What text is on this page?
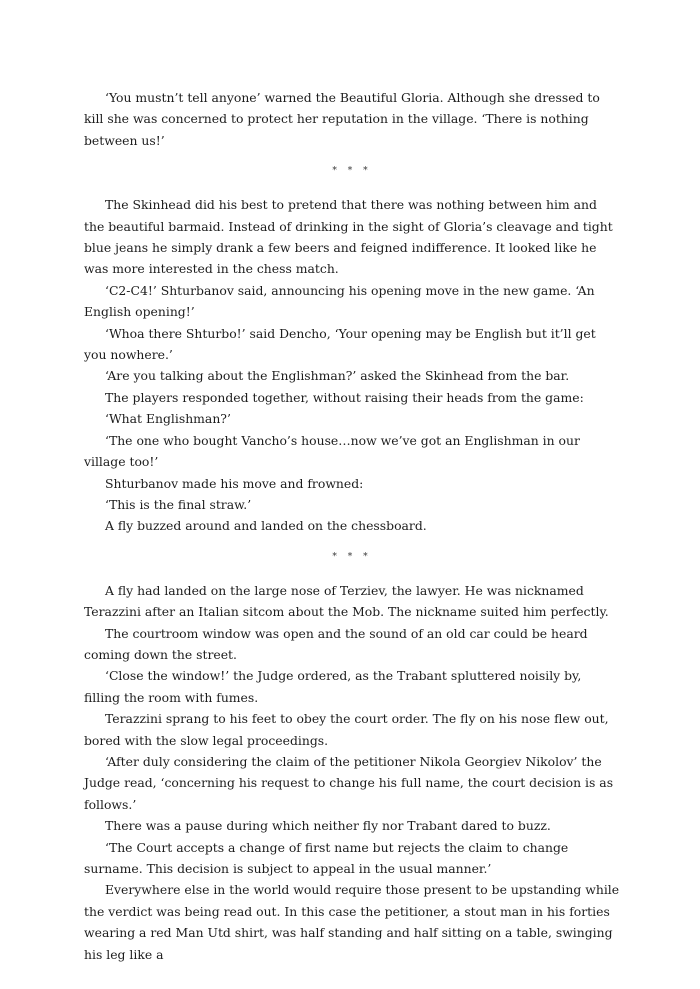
‘You mustn’t tell anyone’ warned the Beautiful Gloria. Although she dressed to kill she was concerned to protect her reputation in the village. ‘There is nothing between us!’

* * *

The Skinhead did his best to pretend that there was nothing between him and the beautiful barmaid. Instead of drinking in the sight of Gloria’s cleavage and tight blue jeans he simply drank a few beers and feigned indifference. It looked like he was more interested in the chess match.

‘C2-C4!’ Shturbanov said, announcing his opening move in the new game. ‘An English opening!’

‘Whoa there Shturbo!’ said Dencho, ‘Your opening may be English but it’ll get you nowhere.’

‘Are you talking about the Englishman?’ asked the Skinhead from the bar.

The players responded together, without raising their heads from the game:

‘What Englishman?’

‘The one who bought Vancho’s house…now we’ve got an Englishman in our village too!’

Shturbanov made his move and frowned:

‘This is the final straw.’

A fly buzzed around and landed on the chessboard.

* * *

A fly had landed on the large nose of Terziev, the lawyer. He was nicknamed Terazzini after an Italian sitcom about the Mob. The nickname suited him perfectly.

The courtroom window was open and the sound of an old car could be heard coming down the street.

‘Close the window!’ the Judge ordered, as the Trabant spluttered noisily by, filling the room with fumes.

Terazzini sprang to his feet to obey the court order. The fly on his nose flew out, bored with the slow legal proceedings.

‘After duly considering the claim of the petitioner Nikola Georgiev Nikolov’ the Judge read, ‘concerning his request to change his full name, the court decision is as follows.’

There was a pause during which neither fly nor Trabant dared to buzz.

‘The Court accepts a change of first name but rejects the claim to change surname. This decision is subject to appeal in the usual manner.’

Everywhere else in the world would require those present to be upstanding while the verdict was being read out. In this case the petitioner, a stout man in his forties wearing a red Man Utd shirt, was half standing and half sitting on a table, swinging his leg like a
